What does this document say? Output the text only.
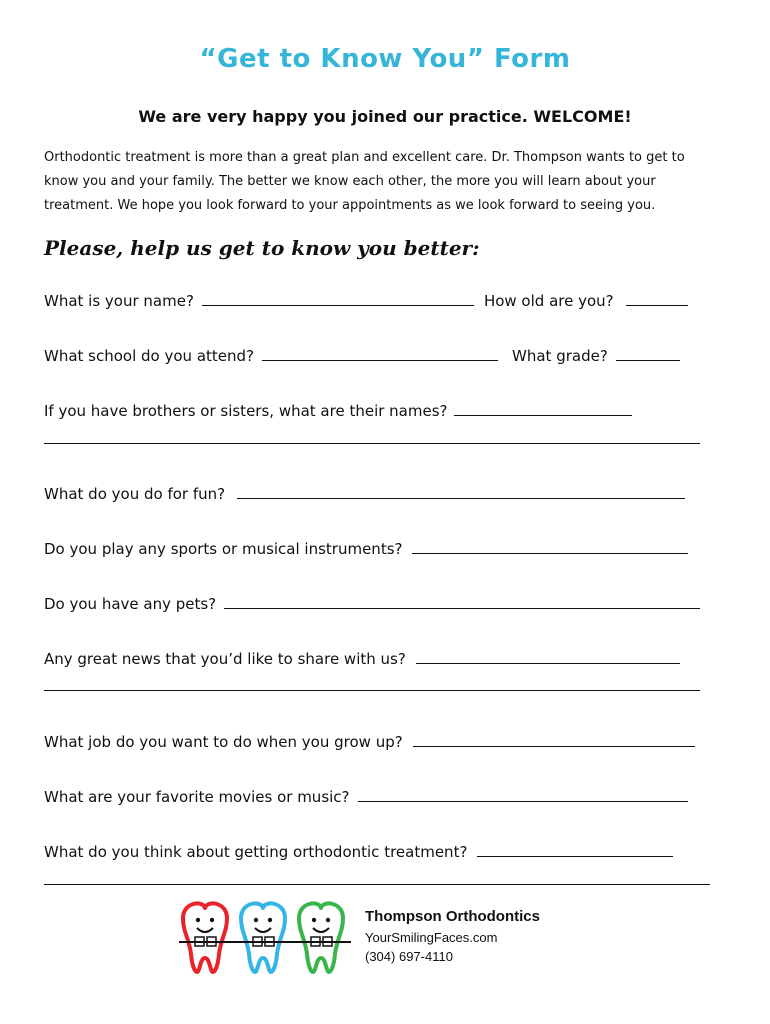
“Get to Know You” Form
We are very happy you joined our practice. WELCOME!

Orthodontic treatment is more than a great plan and excellent care. Dr. Thompson wants to get to

know you and your family. The better we know each other, the more you will learn about your

treatment. We hope you look forward to your appointments as we look forward to seeing you.

Please, help us get to know you better:
What is your name?	How old are you?
What school do you attend?	What grade?
If you have brothers or sisters, what are their names?
What do you do for fun?
Do you play any sports or musical instruments?
Do you have any pets?
Any great news that you’d like to share with us?
What job do you want to do when you grow up?
What are your favorite movies or music?
What do you think about getting orthodontic treatment?
Thompson Orthodontics
YourSmilingFaces.com
(304) 697-4110
